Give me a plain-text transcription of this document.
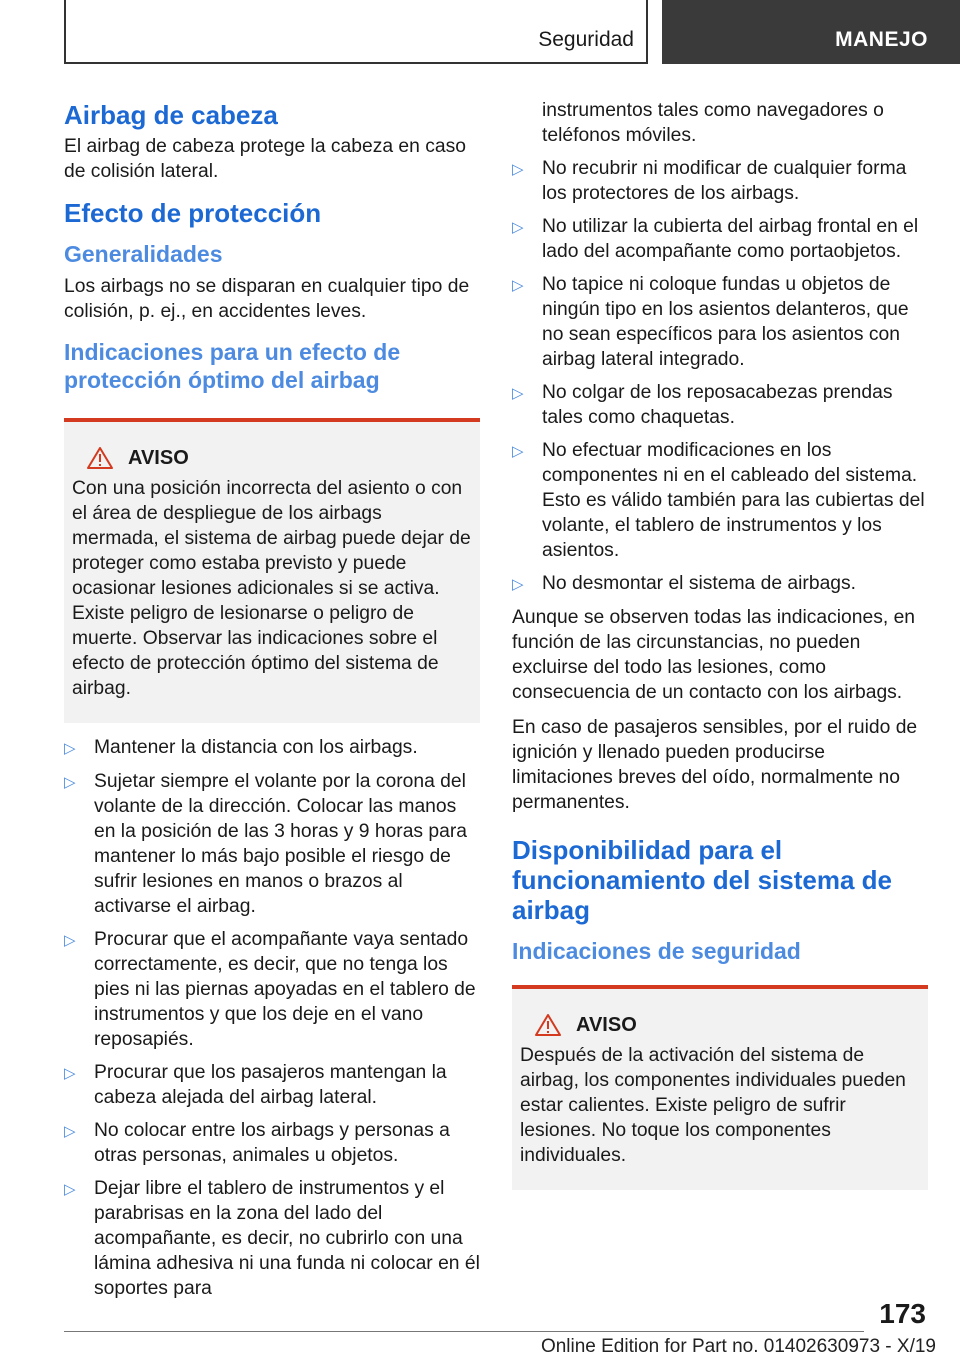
Seguridad	MANEJO
Airbag de cabeza

El airbag de cabeza protege la cabeza en caso de colisión lateral.

Efecto de protección
Generalidades

Los airbags no se disparan en cualquier tipo de colisión, p. ej., en accidentes leves.

Indicaciones para un efecto de protección óptimo del airbag
AVISO

Con una posición incorrecta del asiento o con el área de despliegue de los airbags mermada, el sistema de airbag puede dejar de proteger como estaba previsto y puede ocasionar lesiones adicionales si se activa. Existe peligro de lesionarse o peligro de muerte. Observar las indicaciones sobre el efecto de protección óptimo del sistema de airbag.

▷ Mantener la distancia con los airbags.
▷ Sujetar siempre el volante por la corona del volante de la dirección. Colocar las manos en la posición de las 3 horas y 9 horas para mantener lo más bajo posible el riesgo de sufrir lesiones en manos o brazos al activarse el airbag.
▷ Procurar que el acompañante vaya sentado correctamente, es decir, que no tenga los pies ni las piernas apoyadas en el tablero de instrumentos y que los deje en el vano reposapiés.
▷ Procurar que los pasajeros mantengan la cabeza alejada del airbag lateral.
▷ No colocar entre los airbags y personas a otras personas, animales u objetos.
▷ Dejar libre el tablero de instrumentos y el parabrisas en la zona del lado del acompañante, es decir, no cubrirlo con una lámina adhesiva ni una funda ni colocar en él soportes para
instrumentos tales como navegadores o teléfonos móviles.
▷ No recubrir ni modificar de cualquier forma los protectores de los airbags.
▷ No utilizar la cubierta del airbag frontal en el lado del acompañante como portaobjetos.
▷ No tapice ni coloque fundas u objetos de ningún tipo en los asientos delanteros, que no sean específicos para los asientos con airbag lateral integrado.
▷ No colgar de los reposacabezas prendas tales como chaquetas.
▷ No efectuar modificaciones en los componentes ni en el cableado del sistema. Esto es válido también para las cubiertas del volante, el tablero de instrumentos y los asientos.
▷ No desmontar el sistema de airbags.

Aunque se observen todas las indicaciones, en función de las circunstancias, no pueden excluirse del todo las lesiones, como consecuencia de un contacto con los airbags.

En caso de pasajeros sensibles, por el ruido de ignición y llenado pueden producirse limitaciones breves del oído, normalmente no permanentes.

Disponibilidad para el funcionamiento del sistema de airbag
Indicaciones de seguridad
AVISO

Después de la activación del sistema de airbag, los componentes individuales pueden estar calientes. Existe peligro de sufrir lesiones. No toque los componentes individuales.

173
Online Edition for Part no. 01402630973 - X/19
